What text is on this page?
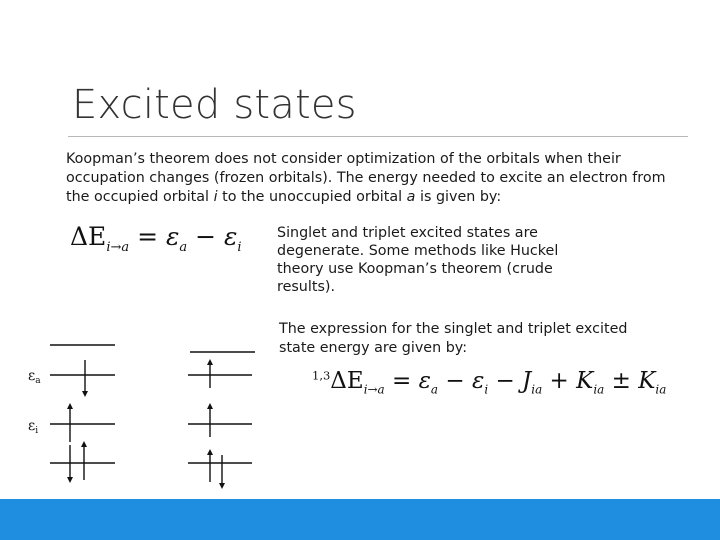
Excited states
Koopman’s theorem does not consider optimization of the orbitals when their occupation changes (frozen orbitals). The energy needed to excite an electron from the occupied orbital i to the unoccupied orbital a is given by:
$\Delta E_{i\to a} = \varepsilon_a - \varepsilon_i$
Singlet and triplet excited states are degenerate. Some methods like Huckel theory use Koopman’s theorem (crude results).
The expression for the singlet and triplet excited state energy are given by:
$^{1,3}\Delta E_{i\to a} = \varepsilon_a - \varepsilon_i - J_{ia} + K_{ia} \pm K_{ia}$
$\varepsilon_a$
$\varepsilon_i$
